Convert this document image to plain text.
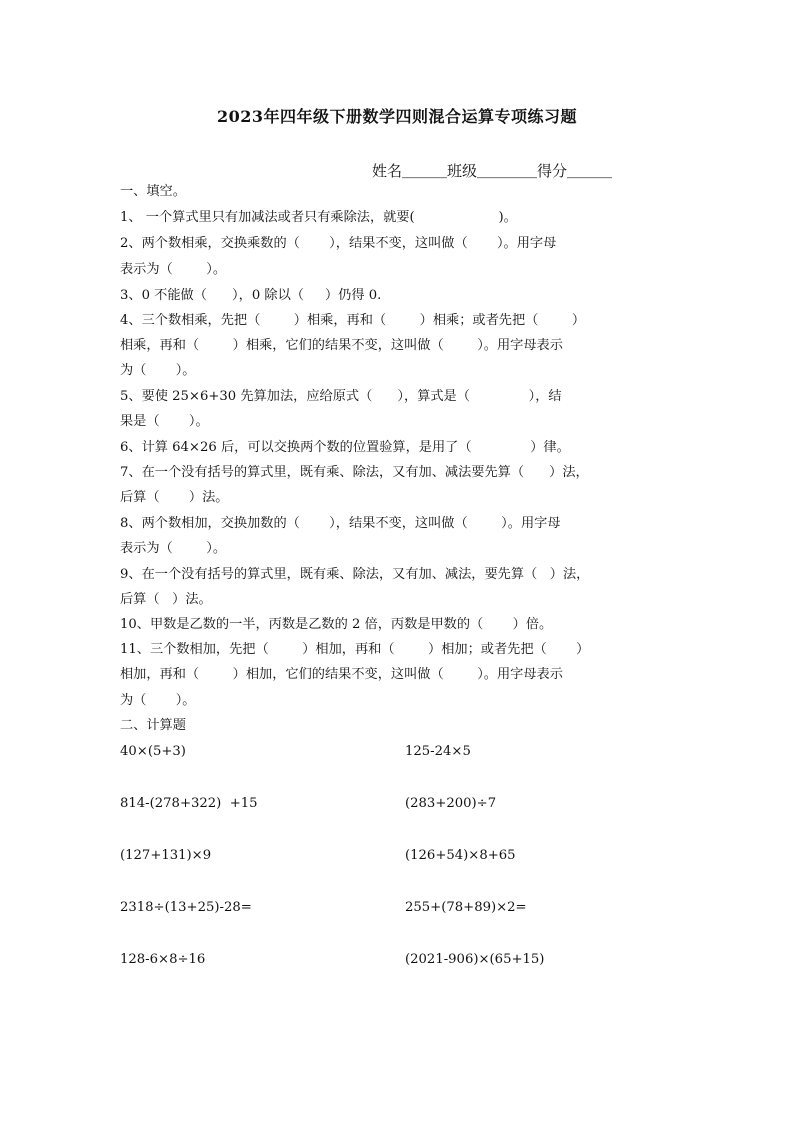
2023年四年级下册数学四则混合运算专项练习题
姓名＿＿＿班级＿＿＿＿得分＿＿＿
一、填空。
1、 一个算式里只有加减法或者只有乘除法，就要(                    )。
2、两个数相乘，交换乘数的（       ），结果不变，这叫做（       ）。用字母
表示为（        ）。
3、0 不能做（      ），0 除以（     ）仍得 0.
4、三个数相乘，先把（        ）相乘，再和（        ）相乘；或者先把（        ）
相乘，再和（        ）相乘，它们的结果不变，这叫做（        ）。用字母表示
为（       ）。
5、要使 25×6+30 先算加法，应给原式（      ），算式是（              ），结
果是（       ）。
6、计算 64×26 后，可以交换两个数的位置验算，是用了（              ）律。
7、在一个没有括号的算式里，既有乘、除法，又有加、减法要先算（      ）法，
后算（       ）法。
8、两个数相加，交换加数的（       ），结果不变，这叫做（        ）。用字母
表示为（        ）。
9、在一个没有括号的算式里，既有乘、除法，又有加、减法，要先算（   ）法，
后算（   ）法。
10、甲数是乙数的一半，丙数是乙数的 2 倍，丙数是甲数的（       ）倍。
11、三个数相加，先把（        ）相加，再和（        ）相加；或者先把（       ）
相加，再和（        ）相加，它们的结果不变，这叫做（        ）。用字母表示
为（       ）。
二、计算题
40×(5+3)	125-24×5
814-(278+322)  +15	(283+200)÷7
(127+131)×9	(126+54)×8+65
2318÷(13+25)-28=	255+(78+89)×2=
128-6×8÷16	(2021-906)×(65+15)
